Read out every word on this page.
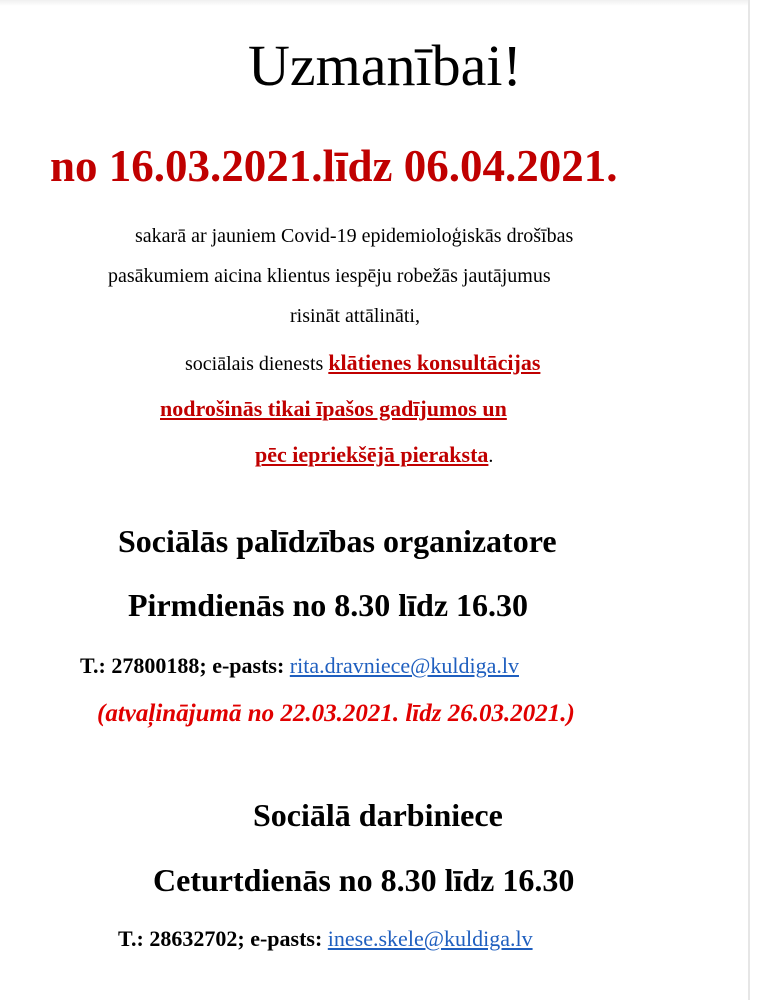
Uzmanībai!
no 16.03.2021.līdz 06.04.2021.
sakarā ar jauniem Covid-19 epidemioloģiskās drošības
pasākumiem aicina klientus iespēju robežās jautājumus
risināt attālināti,
sociālais dienests klātienes konsultācijas
nodrošinās tikai īpašos gadījumos un
pēc iepriekšējā pieraksta.
Sociālās palīdzības organizatore
Pirmdienās no 8.30 līdz 16.30
T.: 27800188; e-pasts: rita.dravniece@kuldiga.lv
(atvaļinājumā no 22.03.2021. līdz 26.03.2021.)
Sociālā darbiniece
Ceturtdienās no 8.30 līdz 16.30
T.: 28632702; e-pasts: inese.skele@kuldiga.lv
